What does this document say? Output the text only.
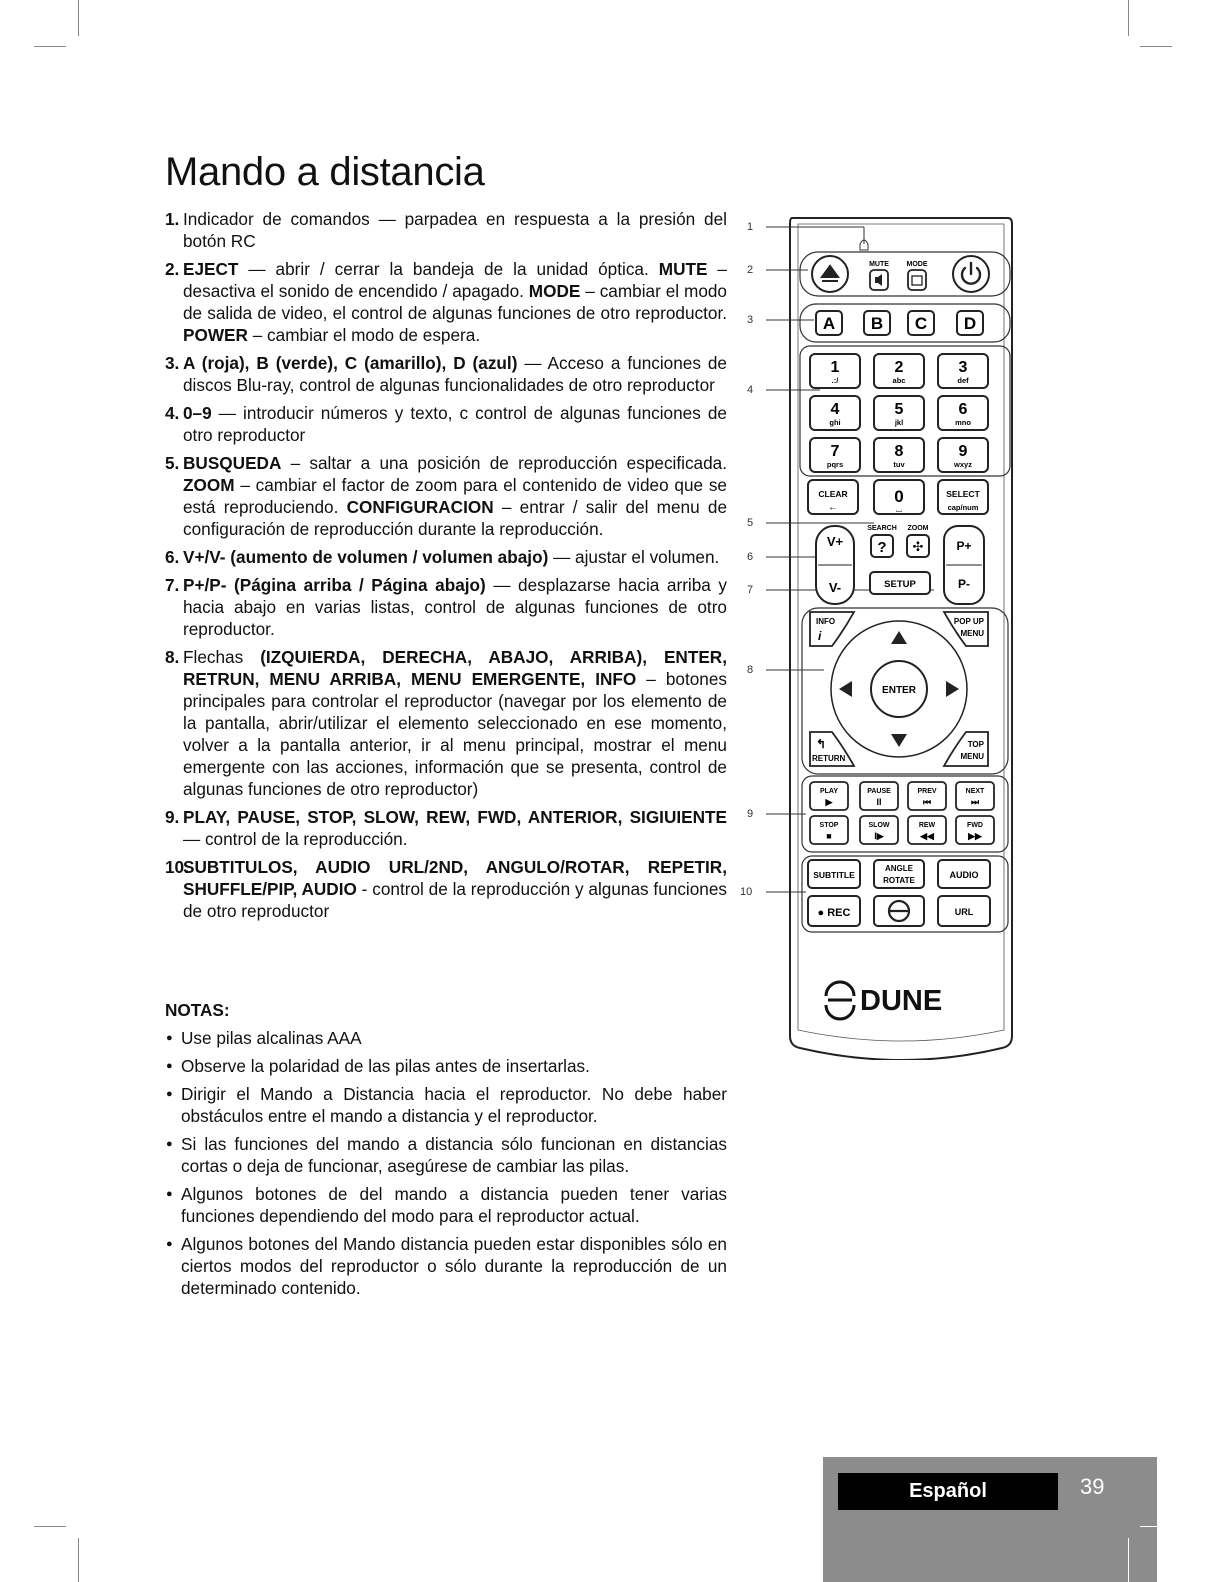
Mando a distancia
1. Indicador de comandos — parpadea en respuesta a la presión del botón RC
2. EJECT — abrir / cerrar la bandeja de la unidad óptica. MUTE – desactiva el sonido de encendido / apagado. MODE – cambiar el modo de salida de video, el control de algunas funciones de otro reproductor. POWER – cambiar el modo de espera.
3. A (roja), B (verde), C (amarillo), D (azul) — Acceso a funciones de discos Blu-ray, control de algunas funcionalidades de otro reproductor
4. 0–9 — introducir números y texto, c control de algunas funciones de otro reproductor
5. BUSQUEDA – saltar a una posición de reproducción especificada. ZOOM – cambiar el factor de zoom para el contenido de video que se está reproduciendo. CONFIGURACION – entrar / salir del menu de configuración de reproducción durante la reproducción.
6. V+/V- (aumento de volumen / volumen abajo) — ajustar el volumen.
7. P+/P- (Página arriba / Página abajo) — desplazarse hacia arriba y hacia abajo en varias listas, control de algunas funciones de otro reproductor.
8. Flechas (IZQUIERDA, DERECHA, ABAJO, ARRIBA), ENTER, RETRUN, MENU ARRIBA, MENU EMERGENTE, INFO – botones principales para controlar el reproductor (navegar por los elemento de la pantalla, abrir/utilizar el elemento seleccionado en ese momento, volver a la pantalla anterior, ir al menu principal, mostrar el menu emergente con las acciones, información que se presenta, control de algunas funciones de otro reproductor)
9. PLAY, PAUSE, STOP, SLOW, REW, FWD, ANTERIOR, SIGIUIENTE — control de la reproducción.
10.
SUBTITULOS, AUDIO URL/2ND, ANGULO/ROTAR, REPETIR, SHUFFLE/PIP, AUDIO - control de la reproducción y algunas funciones de otro reproductor
NOTAS:
● Use pilas alcalinas AAA
● Observe la polaridad de las pilas antes de insertarlas.
● Dirigir el Mando a Distancia hacia el reproductor. No debe haber obstáculos entre el mando a distancia y el reproductor.
● Si las funciones del mando a distancia sólo funcionan en distancias cortas o deja de funcionar, asegúrese de cambiar las pilas.
● Algunos botones de del mando a distancia pueden tener varias funciones dependiendo del modo para el reproductor actual.
● Algunos botones del Mando distancia pueden estar disponibles sólo en ciertos modos del reproductor o sólo durante la reproducción de un determinado contenido.
1
2
3
4
5
6
7
8
9
10
MUTE	MODE
A B C D
1
.:/
2
abc
3
def
4
ghi
5
jkl
6
mno
7
pqrs
8
tuv
9
wxyz
CLEAR
←
0
⌴
SELECT
cap/num
V+
V-
SEARCH ZOOM
? ✣
SETUP
P+
P-
ENTER
INFO
i
POP UP
MENU
↰
RETURN
TOP
MENU
PLAY
▶
PAUSE
II
PREV
⏮
NEXT
⏭
STOP
■
SLOW
I▶
REW
◀◀
FWD
▶▶
SUBTITLE
ANGLE
ROTATE
AUDIO
● REC	URL
DUNE
Español	39
